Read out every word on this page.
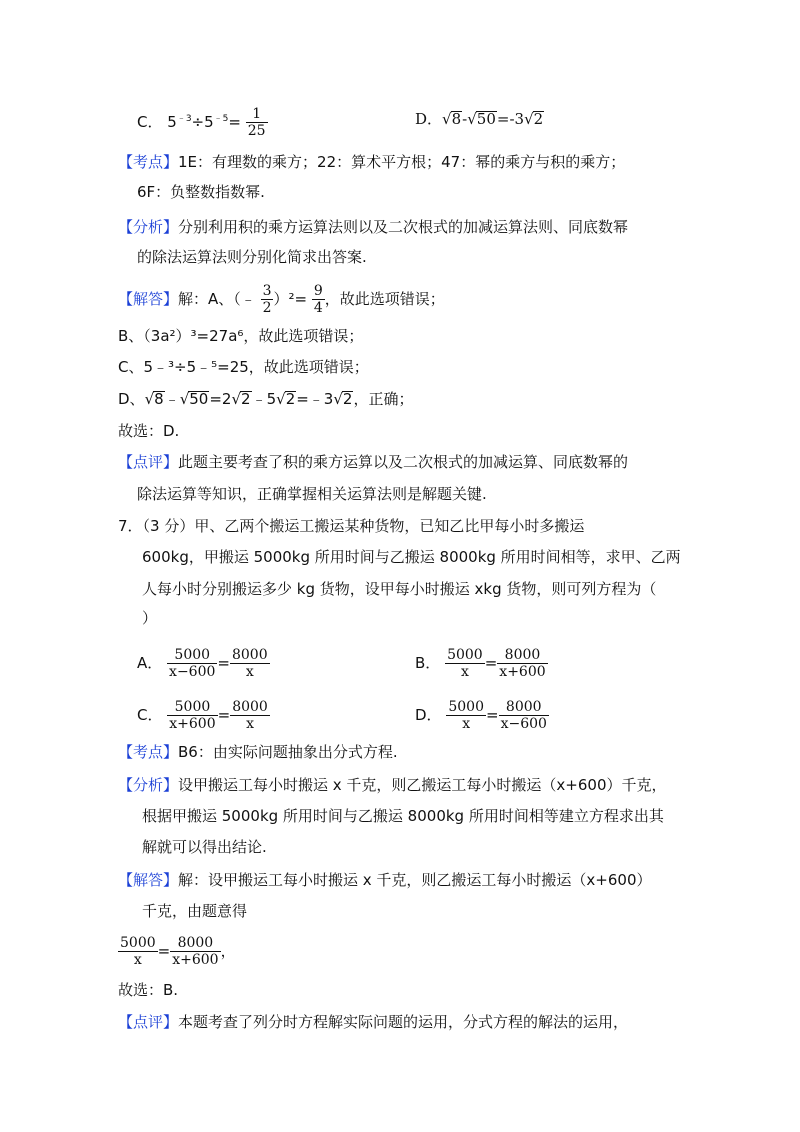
C． $5^{﹣3}\div 5^{﹣5}= \frac{1}{25}$	D．√8-√50=-3√2
【考点】1E：有理数的乘方；22：算术平方根；47：幂的乘方与积的乘方；
6F：负整数指数幂.
【分析】分别利用积的乘方运算法则以及二次根式的加减运算法则、同底数幂
的除法运算法则分别化简求出答案.
【解答】解：A、（﹣ $\frac{3}{2} )^2= \frac{9}{4}$ ，故此选项错误；
B、（3a²）³=27a⁶，故此选项错误；
C、5﹣³÷5﹣⁵=25，故此选项错误；
D、√8﹣√50=2√2﹣5√2=﹣3√2，正确；
故选：D.
【点评】此题主要考查了积的乘方运算以及二次根式的加减运算、同底数幂的
除法运算等知识，正确掌握相关运算法则是解题关键.
7．（3 分）甲、乙两个搬运工搬运某种货物，已知乙比甲每小时多搬运
600kg，甲搬运 5000kg 所用时间与乙搬运 8000kg 所用时间相等，求甲、乙两
人每小时分别搬运多少 kg 货物，设甲每小时搬运 xkg 货物，则可列方程为（
）
A． $\frac{5000}{x-600} = \frac{8000}{x}$	B． $\frac{5000}{x} = \frac{8000}{x+600}$
C． $\frac{5000}{x+600} = \frac{8000}{x}$	D． $\frac{5000}{x} = \frac{8000}{x-600}$
【考点】B6：由实际问题抽象出分式方程.
【分析】设甲搬运工每小时搬运 x 千克，则乙搬运工每小时搬运（x+600）千克，
根据甲搬运 5000kg 所用时间与乙搬运 8000kg 所用时间相等建立方程求出其
解就可以得出结论.
【解答】解：设甲搬运工每小时搬运 x 千克，则乙搬运工每小时搬运（x+600）
千克，由题意得
$\frac{5000}{x} = \frac{8000}{x+600}$ ，
故选：B.
【点评】本题考查了列分时方程解实际问题的运用，分式方程的解法的运用，
